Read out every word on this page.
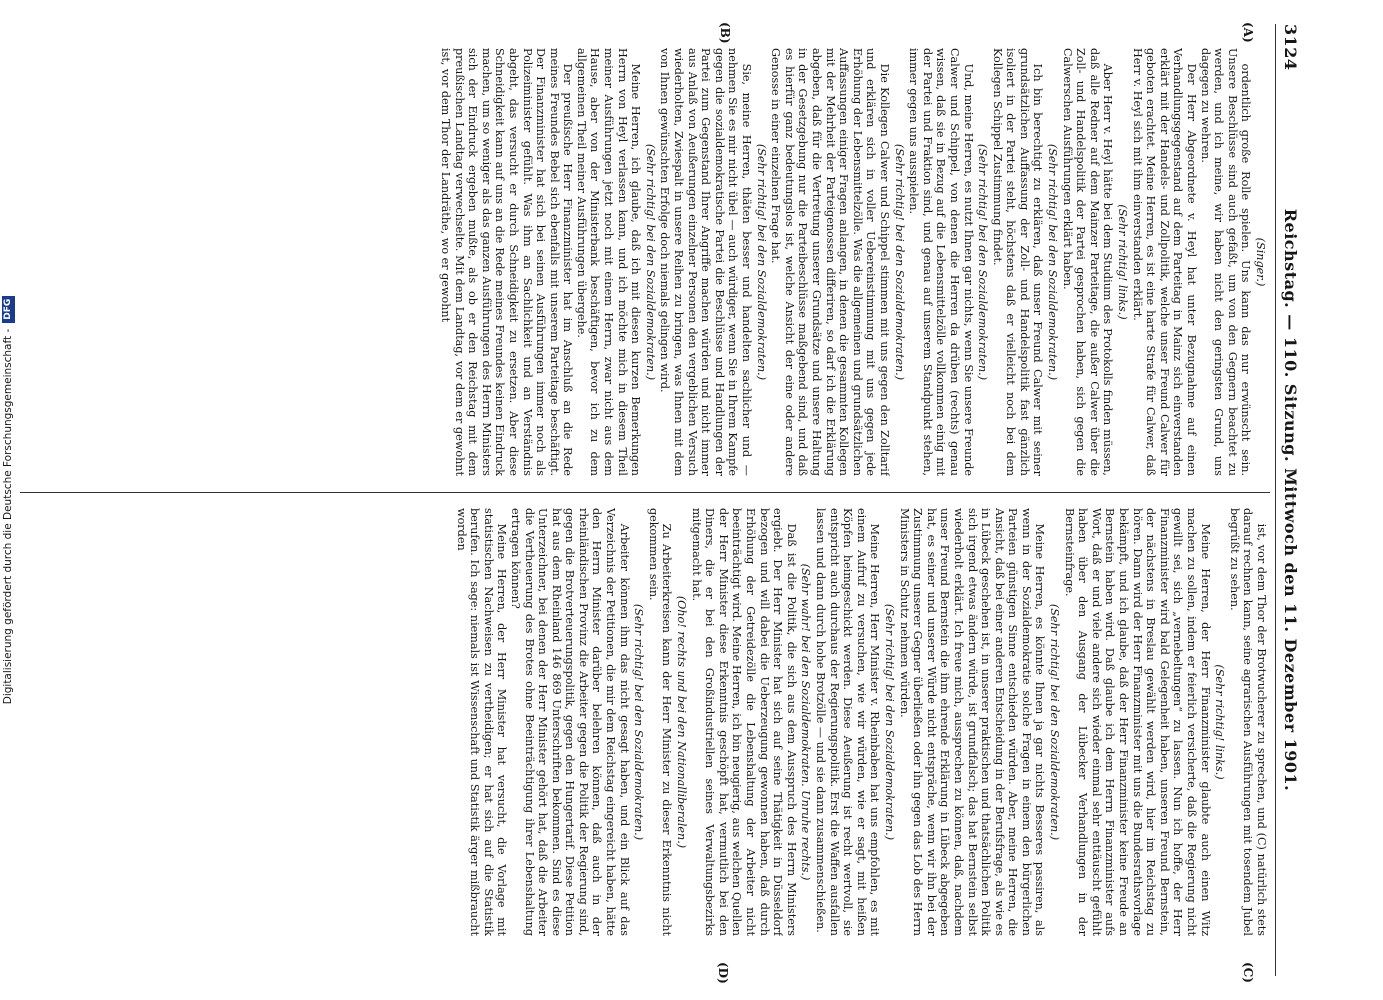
3124
Reichstag. — 110. Sitzung. Mittwoch den 11. Dezember 1901.
(A)
(B)
(C)
(D)

(Singer.)

ordentlich große Rolle spielen. Uns kann das nur erwünscht sein. Unsere Beschlüsse sind auch gefaßt, um von den Gegnern beachtet zu werden, und ich meine, wir haben nicht den geringsten Grund, uns dagegen zu wehren.

Der Herr Abgeordnete v. Heyl hat unter Bezugnahme auf einen Verhandlungsgegenstand auf dem Parteitag in Mainz sich einverstanden erklärt mit der Handels- und Zollpolitik, welche unser Freund Calwer für geboten erachtet. Meine Herren, es ist eine harte Strafe für Calwer, daß Herr v. Heyl sich mit ihm einverstanden erklärt.

(Sehr richtig! links.)

Aber Herr v. Heyl hätte bei dem Studium des Protokolls finden müssen, daß alle Redner auf dem Mainzer Parteitage, die außer Calwer über die Zoll- und Handelspolitik der Partei gesprochen haben, sich gegen die Calwerschen Ausführungen erklärt haben.

(Sehr richtig! bei den Sozialdemokraten.)

Ich bin berechtigt zu erklären, daß unser Freund Calwer mit seiner grundsätzlichen Auffassung der Zoll- und Handelspolitik fast gänzlich isoliert in der Partei steht, höchstens daß er vielleicht noch bei dem Kollegen Schippel Zustimmung findet.

(Sehr richtig! bei den Sozialdemokraten.)

Und, meine Herren, es nutzt Ihnen gar nichts, wenn Sie unsere Freunde Calwer und Schippel, von denen die Herren da drüben (rechts) genau wissen, daß sie in Bezug auf die Lebensmittelzölle vollkommen einig mit der Partei und Fraktion sind, und genau auf unserem Standpunkt stehen, immer gegen uns ausspielen.

(Sehr richtig! bei den Sozialdemokraten.)

Die Kollegen Calwer und Schippel stimmen mit uns gegen den Zolltarif und erklären sich in voller Uebereinstimmung mit uns gegen jede Erhöhung der Lebensmittelzölle. Was die allgemeinen und grundsätzlichen Auffassungen einiger Fragen anlangen, in denen die gesammten Kollegen mit der Mehrheit der Parteigenossen differiren, so darf ich die Erklärung abgeben, daß für die Vertretung unserer Grundsätze und unsere Haltung in der Gesetzgebung nur die Parteibeschlüsse maßgebend sind, und daß es hierfür ganz bedeutungslos ist, welche Ansicht der eine oder andere Genosse in einer einzelnen Frage hat.

(Sehr richtig! bei den Sozialdemokraten.)

Sie, meine Herren, thäten besser und handelten sachlicher und — nehmen Sie es mir nicht übel — auch würdiger, wenn Sie in Ihrem Kampfe gegen die sozialdemokratische Partei die Beschlüsse und Handlungen der Partei zum Gegenstand Ihrer Angriffe machen würden und nicht immer aus Anlaß von Aeußerungen einzelner Personen den vergeblichen Versuch wiederholten, Zwiespalt in unsere Reihen zu bringen, was Ihnen mit dem von Ihnen gewünschten Erfolge doch niemals gelingen wird.

(Sehr richtig! bei den Sozialdemokraten.)

Meine Herren, ich glaube, daß ich mit diesen kurzen Bemerkungen Herrn von Heyl verlassen kann, und ich möchte mich in diesem Theil meiner Ausführungen jetzt noch mit einem Herrn, zwar nicht aus dem Hause, aber von der Ministerbank beschäftigen, bevor ich zu dem allgemeinen Theil meiner Ausführungen übergehe.

Der preußische Herr Finanzminister hat im Anschluß an die Rede meines Freundes Bebel sich ebenfalls mit unserem Parteitage beschäftigt. Der Finanzminister hat sich bei seinen Ausführungen immer noch als Polizeiminister gefühlt. Was ihm an Sachlichkeit und an Verständnis abgeht, das versucht er durch Schneidigkeit zu ersetzen. Aber diese Schneidigkeit kann auf uns an die Rede meines Freundes keinen Eindruck machen, um so weniger als das ganzen Ausführungen des Herrn Ministers sich der Eindruck ergeben mußte, als ob er den Reichstag mit dem preußischen Landtag verwechselte. Mit dem Landtag, vor dem er gewohnt ist, vor dem Thor der Landräthe, wo er gewohnt

ist, vor dem Thor der Brotwucherer zu sprechen, und (C) natürlich stets darauf rechnen kann, seine agrarischen Ausführungen mit tosendem Jubel begrüßt zu sehen.

(Sehr richtig! links.)

Meine Herren, der Herr Finanzminister glaubte auch einen Witz machen zu sollen, indem er feierlich versicherte, daß die Regierung nicht gewillt sei, sich „vernebeltungen“ zu lassen. Nun ich hoffe, der Herr Finanzminister wird bald Gelegenheit haben, unseren Freund Bernstein, der nächstens in Breslau gewählt werden wird, hier im Reichstag zu hören. Dann wird der Herr Finanzminister mit uns die Bundesrathsvorlage bekämpft, und ich glaube, daß der Herr Finanzminister keine Freude an Bernstein haben wird. Daß glaube ich dem Herrn Finanzminister aufs Wort, daß er und viele andere sich wieder einmal sehr enttäuscht gefühlt haben über den Ausgang der Lübecker Verhandlungen in der Bernsteinfrage.

(Sehr richtig! bei den Sozialdemokraten.)

Meine Herren, es könnte Ihnen ja gar nichts Besseres passiren, als wenn in der Sozialdemokratie solche Fragen in einem den bürgerlichen Parteien günstigen Sinne entschieden würden. Aber, meine Herren, die Ansicht, daß bei einer anderen Entscheidung in der Berufsfrage, als wie es in Lübeck geschehen ist, in unserer praktischen und thatsächlichen Politik sich irgend etwas ändern würde, ist grundfalsch; das hat Bernstein selbst wiederholt erklärt. Ich freue mich, aussprechen zu können, daß, nachdem unser Freund Bernstein die ihm ehrende Erklärung in Lübeck abgegeben hat, es seiner und unserer Würde nicht entspräche, wenn wir ihn bei der Zustimmung unserer Gegner überließen oder ihn gegen das Lob des Herrn Ministers in Schutz nehmen würden.

(Sehr richtig! bei den Sozialdemokraten.)

Meine Herren, Herr Minister v. Rheinbaben hat uns empfohlen, es mit einem Aufruf zu versuchen, wie wir würden, wie er sagt, mit heißen Köpfen heimgeschickt werden. Diese Aeußerung ist recht wertvoll, sie entspricht auch durchaus der Regierungspolitik. Erst die Waffen ausfallen lassen und dann durch hohe Brotzölle — und sie dann zusammenschießen.

(Sehr wahr! bei den Sozialdemokraten. Unruhe rechts.)

Daß ist die Politik, die sich aus dem Ausspruch des Herrn Ministers ergiebt. Der Herr Minister hat sich auf seine Thätigkeit in Düsseldorf bezogen und will dabei die Ueberzeugung gewonnen haben, daß durch Erhöhung der Getreidezölle die Lebenshaltung der Arbeiter nicht beeinträchtigt wird. Meine Herren, ich bin neugierig, aus welchen Quellen der Herr Minister diese Erkenntnis geschöpft hat, vermutlich bei den Diners, die er bei den Großindustriellen seines Verwaltungsbezirks mitgemacht hat.

(Oho! rechts und bei den Nationalliberalen.)

Zu Arbeiterkreisen kann der Herr Minister zu dieser Erkenntnis nicht gekommen sein.

(Sehr richtig! bei den Sozialdemokraten.)

Arbeiter können ihm das nicht gesagt haben, und ein Blick auf das Verzeichnis der Petitionen, die mir dem Reichstag eingereicht haben, hätte den Herrn Minister darüber belehren können, daß auch in der rheinländischen Provinz die Arbeiter gegen die Politik der Regierung sind, gegen die Brotverteuerungspolitik, gegen den Hungertarif. Diese Petition hat aus dem Rheinland 146 869 Unterschriften bekommen. Sind es diese Unterzeichner, bei denen der Herr Minister gehört hat, daß die Arbeiter die Vertheuerung des Brotes ohne Beeinträchtigung ihrer Lebenshaltung ertragen können?

Meine Herren, der Herr Minister hat versucht, die Vorlage mit statistischen Nachweisen zu vertheidigen; er hat sich auf die Statistik berufen. Ich sage: niemals ist Wissenschaft und Statistik ärger mißbraucht worden

Digitalisierung gefördert durch die Deutsche Forschungsgemeinschaft -
DFG
